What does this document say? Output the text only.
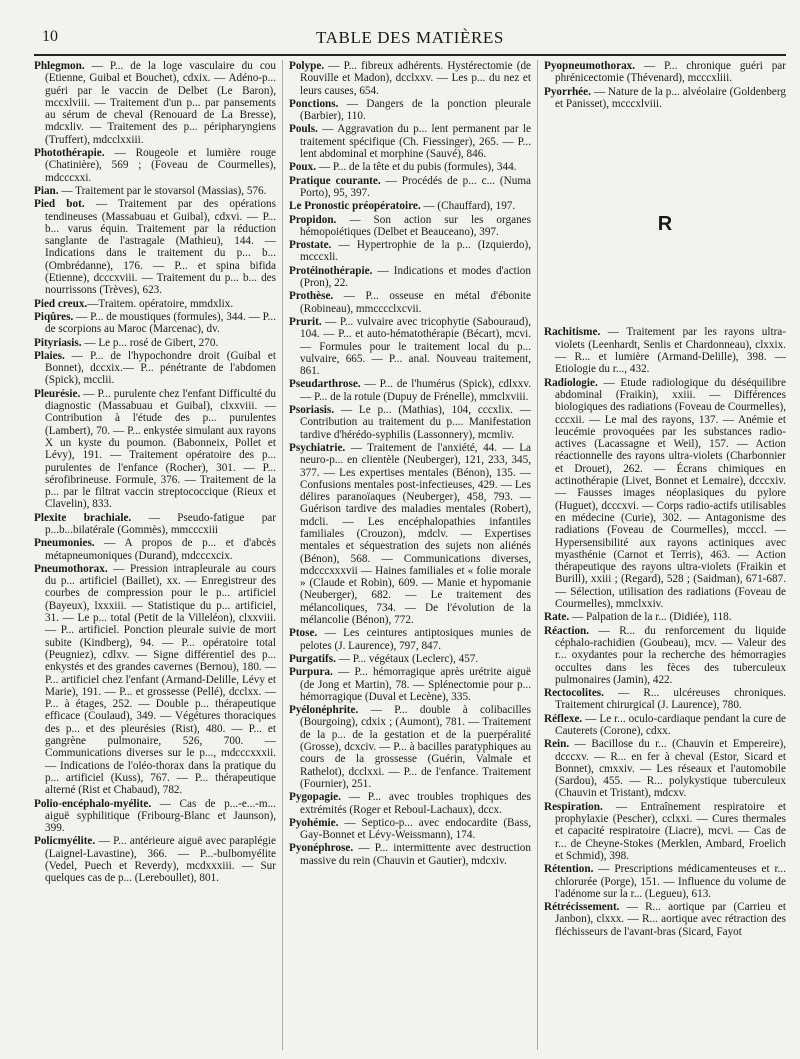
10	TABLE DES MATIÈRES

Phlegmon. — P... de la loge vasculaire du cou (Etienne, Guibal et Bouchet), cdxix. — Adéno-p... guéri par le vaccin de Delbet (Le Baron), mccxlviii. — Traitement d'un p... par pansements au sérum de cheval (Renouard de La Bresse), mdcxliv. — Traitement des p... péripharyngiens (Truffert), mdcclxxiii.

Photothérapie. — Rougeole et lumière rouge (Chatinière), 569 ; (Foveau de Courmelles), mdcccxxi.

Pian. — Traitement par le stovarsol (Massias), 576.

Pied bot. — Traitement par des opérations tendineuses (Massabuau et Guibal), cdxvi. — P... b... varus équin. Traitement par la réduction sanglante de l'astragale (Mathieu), 144. — Indications dans le traitement du p... b... (Ombrédanne), 176. — P... et spina bifida (Etienne), dcccxviii. — Traitement du p... b... des nourrissons (Trèves), 623.

Pied creux.—Traitem. opératoire, mmdxlix.

Piqûres. — P... de moustiques (formules), 344. — P... de scorpions au Maroc (Marcenac), dv.

Pityriasis. — Le p... rosé de Gibert, 270.

Plaies. — P... de l'hypochondre droit (Guibal et Bonnet), dccxix.— P... pénétrante de l'abdomen (Spick), mcclii.

Pleurésie. — P... purulente chez l'enfant Difficulté du diagnostic (Massabuau et Guibal), clxxviii. — Contribution à l'étude des p... purulentes (Lambert), 70. — P... enkystée simulant aux rayons X un kyste du poumon. (Babonneix, Pollet et Lévy), 191. — Traitement opératoire des p... purulentes de l'enfance (Rocher), 301. — P... sérofibrineuse. Formule, 376. — Traitement de la p... par le filtrat vaccin streptococcique (Rieux et Clavelin), 833.

Plexite brachiale. — Pseudo-fatigue par p...b...bilatérale (Gommès), mmcccxiii

Pneumonies. — A propos de p... et d'abcès métapneumoniques (Durand), mdcccxcix.

Pneumothorax. — Pression intrapleurale au cours du p... artificiel (Baillet), xx. — Enregistreur des courbes de compression pour le p... artificiel (Bayeux), lxxxiii. — Statistique du p... artificiel, 31. — Le p... total (Petit de la Villeléon), clxxviii. — P... artificiel. Ponction pleurale suivie de mort subite (Kindberg), 94. — P... opératoire total (Peugniez), cdlxv. — Signe différentiel des p... enkystés et des grandes cavernes (Bernou), 180. — P... artificiel chez l'enfant (Armand-Delille, Lévy et Marie), 191. — P... et grossesse (Pellé), dcclxx. — P... à étages, 252. — Double p... thérapeutique efficace (Coulaud), 349. — Végétures thoraciques des p... et des pleurésies (Rist), 480. — P... et gangrène pulmonaire, 526, 700. — Communications diverses sur le p..., mdcccxxxii. — Indications de l'oléo-thorax dans la pratique du p... artificiel (Kuss), 767. — P... thérapeutique alterné (Rist et Chabaud), 782.

Polio-encéphalo-myélite. — Cas de p...-e...-m... aiguë syphilitique (Fribourg-Blanc et Jaunson), 399.

Policmyélite. — P... antérieure aiguë avec paraplégie (Laignel-Lavastine), 366. — P...-bulbomyélite (Vedel, Puech et Reverdy), mcdxxxiii. — Sur quelques cas de p... (Lereboullet), 801.

Polype. — P... fibreux adhérents. Hystérectomie (de Rouville et Madon), dcclxxv. — Les p... du nez et leurs causes, 654.

Ponctions. — Dangers de la ponction pleurale (Barbier), 110.

Pouls. — Aggravation du p... lent permanent par le traitement spécifique (Ch. Fiessinger), 265. — P... lent abdominal et morphine (Sauvé), 846.

Poux. — P... de la tête et du pubis (formules), 344.

Pratique courante. — Procédés de p... c... (Numa Porto), 95, 397.

Le Pronostic préopératoire. — (Chauffard), 197.

Propidon. — Son action sur les organes hémopoiétiques (Delbet et Beauceano), 397.

Prostate. — Hypertrophie de la p... (Izquierdo), mcccxli.

Protéinothérapie. — Indications et modes d'action (Pron), 22.

Prothèse. — P... osseuse en métal d'ébonite (Robineau), mmcccclxcvii.

Prurit. — P... vulvaire avec tricophytie (Sabouraud), 104. — P... et auto-hématothérapie (Bécart), mcvi. — Formules pour le traitement local du p... vulvaire, 665. — P... anal. Nouveau traitement, 861.

Pseudarthrose. — P... de l'humérus (Spick), cdlxxv. — P... de la rotule (Dupuy de Frénelle), mmclxviii.

Psoriasis. — Le p... (Mathias), 104, cccxlix. — Contribution au traitement du p.... Manifestation tardive d'hérédo-syphilis (Lassonnery), mcmliv.

Psychiatrie. — Traitement de l'anxiété, 44. — La neuro-p... en clientèle (Neuberger), 121, 233, 345, 377. — Les expertises mentales (Bénon), 135. — Confusions mentales post-infectieuses, 429. — Les délires paranoïaques (Neuberger), 458, 793. — Guérison tardive des maladies mentales (Robert), mdcli. — Les encéphalopathies infantiles familiales (Crouzon), mdclv. — Expertises mentales et séquestration des sujets non aliénés (Bénon), 568. — Communications diverses, mdcccxxxvii — Haines familiales et « folie morale » (Claude et Robin), 609. — Manie et hypomanie (Neuberger), 682. — Le traitement des mélancoliques, 734. — De l'évolution de la mélancolie (Bénon), 772.

Ptose. — Les ceintures antiptosiques munies de pelotes (J. Laurence), 797, 847.

Purgatifs. — P... végétaux (Leclerc), 457.

Purpura. — P... hémorragique après urétrite aiguë (de Jong et Martin), 78. — Splénectomie pour p... hémorragique (Duval et Lecène), 335.

Pyélonéphrite. — P... double à colibacilles (Bourgoing), cdxix ; (Aumont), 781. — Traitement de la p... de la gestation et de la puerpéralité (Grosse), dcxciv. — P... à bacilles paratyphiques au cours de la grossesse (Guérin, Valmale et Rathelot), dcclxxi. — P... de l'enfance. Traitement (Fournier), 251.

Pygopagie. — P... avec troubles trophiques des extrémités (Roger et Reboul-Lachaux), dccx.

Pyohémie. — Septico-p... avec endocardite (Bass, Gay-Bonnet et Lévy-Weissmann), 174.

Pyonéphrose. — P... intermittente avec destruction massive du rein (Chauvin et Gautier), mdcxiv.

Pyopneumothorax. — P... chronique guéri par phrénicectomie (Thévenard), mcccxliii.

Pyorrhée. — Nature de la p... alvéolaire (Goldenberg et Panisset), mcccxlviii.

R

Rachitisme. — Traitement par les rayons ultra-violets (Leenhardt, Senlis et Chardonneau), clxxix. — R... et lumière (Armand-Delille), 398. — Etiologie du r..., 432.

Radiologie. — Etude radiologique du déséquilibre abdominal (Fraikin), xxiii. — Différences biologiques des radiations (Foveau de Courmelles), cccxii. — Le mal des rayons, 137. — Anémie et leucémie provoquées par les substances radio-actives (Lacassagne et Weil), 157. — Action réactionnelle des rayons ultra-violets (Charbonnier et Drouet), 262. — Écrans chimiques en actinothérapie (Livet, Bonnet et Lemaire), dcccxiv. — Fausses images néoplasiques du pylore (Huguet), dcccxvi. — Corps radio-actifs utilisables en médecine (Curie), 302. — Antagonisme des radiations (Foveau de Courmelles), mcccl. — Hypersensibilité aux rayons actiniques avec myasthénie (Carnot et Terris), 463. — Action thérapeutique des rayons ultra-violets (Fraikin et Burill), xxiii ; (Regard), 528 ; (Saidman), 671-687. — Sélection, utilisation des radiations (Foveau de Courmelles), mmclxxiv.

Rate. — Palpation de la r... (Didiée), 118.

Réaction. — R... du renforcement du liquide céphalo-rachidien (Goubeau), mcv. — Valeur des r... oxydantes pour la recherche des hémorragies occultes dans les fèces des tuberculeux pulmonaires (Jamin), 422.

Rectocolites. — R... ulcéreuses chroniques. Traitement chirurgical (J. Laurence), 780.

Réflexe. — Le r... oculo-cardiaque pendant la cure de Cauterets (Corone), cdxx.

Rein. — Bacillose du r... (Chauvin et Empereire), dcccxv. — R... en fer à cheval (Estor, Sicard et Bonnet), cmxxiv. — Les réseaux et l'automobile (Sardou), 455. — R... polykystique tuberculeux (Chauvin et Tristant), mdcxv.

Respiration. — Entraînement respiratoire et prophylaxie (Pescher), cclxxi. — Cures thermales et capacité respiratoire (Liacre), mcvi. — Cas de r... de Cheyne-Stokes (Merklen, Ambard, Froelich et Schmid), 398.

Rétention. — Prescriptions médicamenteuses et r... chlorurée (Porge), 151. — Influence du volume de l'adénome sur la r... (Legueu), 613.

Rétrécissement. — R... aortique par (Carrieu et Janbon), clxxx. — R... aortique avec rétraction des fléchisseurs de l'avant-bras (Sicard, Fayot
